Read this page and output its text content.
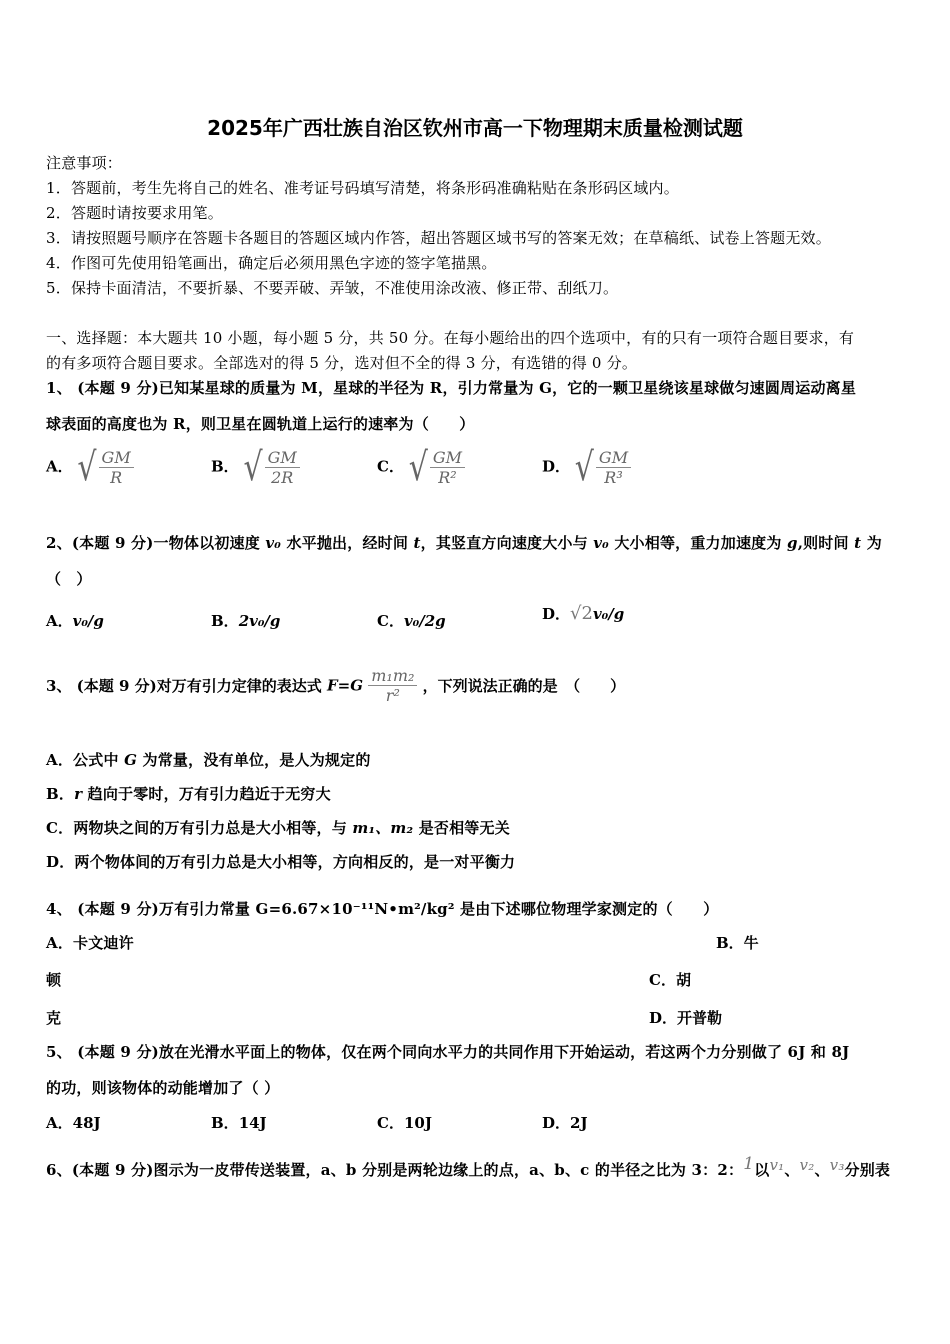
2025年广西壮族自治区钦州市高一下物理期末质量检测试题
注意事项：
1．答题前，考生先将自己的姓名、准考证号码填写清楚，将条形码准确粘贴在条形码区域内。
2．答题时请按要求用笔。
3．请按照题号顺序在答题卡各题目的答题区域内作答，超出答题区域书写的答案无效；在草稿纸、试卷上答题无效。
4．作图可先使用铅笔画出，确定后必须用黑色字迹的签字笔描黑。
5．保持卡面清洁，不要折暴、不要弄破、弄皱，不准使用涂改液、修正带、刮纸刀。
一、选择题：本大题共 10 小题，每小题 5 分，共 50 分。在每小题给出的四个选项中，有的只有一项符合题目要求，有
的有多项符合题目要求。全部选对的得 5 分，选对但不全的得 3 分，有选错的得 0 分。
1、 (本题 9 分)已知某星球的质量为 M，星球的半径为 R，引力常量为 G，它的一颗卫星绕该星球做匀速圆周运动离星
球表面的高度也为 R，则卫星在圆轨道上运行的速率为（　　）
A． √ $\frac{GM}{R}$	B． √ $\frac{GM}{2R}$	C． √ $\frac{GM}{\text{R²}}$	D． √ $\frac{GM}{\text{R³}}$
2、(本题 9 分)一物体以初速度 v₀ 水平抛出，经时间 t，其竖直方向速度大小与 v₀ 大小相等，重力加速度为 g,则时间 t 为
（　）
A．v₀/g	B．2v₀/g	C．v₀/2g	D．√2v₀/g
3、 (本题 9 分)对万有引力定律的表达式 $F=G \frac{\text{m₁m₂}}{\text{r²}}$ ，下列说法正确的是　（　　）
A．公式中 G 为常量，没有单位，是人为规定的
B．r 趋向于零时，万有引力趋近于无穷大
C．两物块之间的万有引力总是大小相等，与 m₁、m₂ 是否相等无关
D．两个物体间的万有引力总是大小相等，方向相反的，是一对平衡力
4、 (本题 9 分)万有引力常量 G=6.67×10⁻¹¹N•m²/kg² 是由下述哪位物理学家测定的（　　）
A．卡文迪许	B．牛
顿	C．胡
克	D．开普勒
5、 (本题 9 分)放在光滑水平面上的物体，仅在两个同向水平力的共同作用下开始运动，若这两个力分别做了 6J 和 8J
的功，则该物体的动能增加了（ ）
A．48J	B．14J	C．10J	D．2J
6、(本题 9 分)图示为一皮带传送装置，a、b 分别是两轮边缘上的点，a、b、c 的半径之比为 3：2：1以v₁、v₂、v₃分别表
